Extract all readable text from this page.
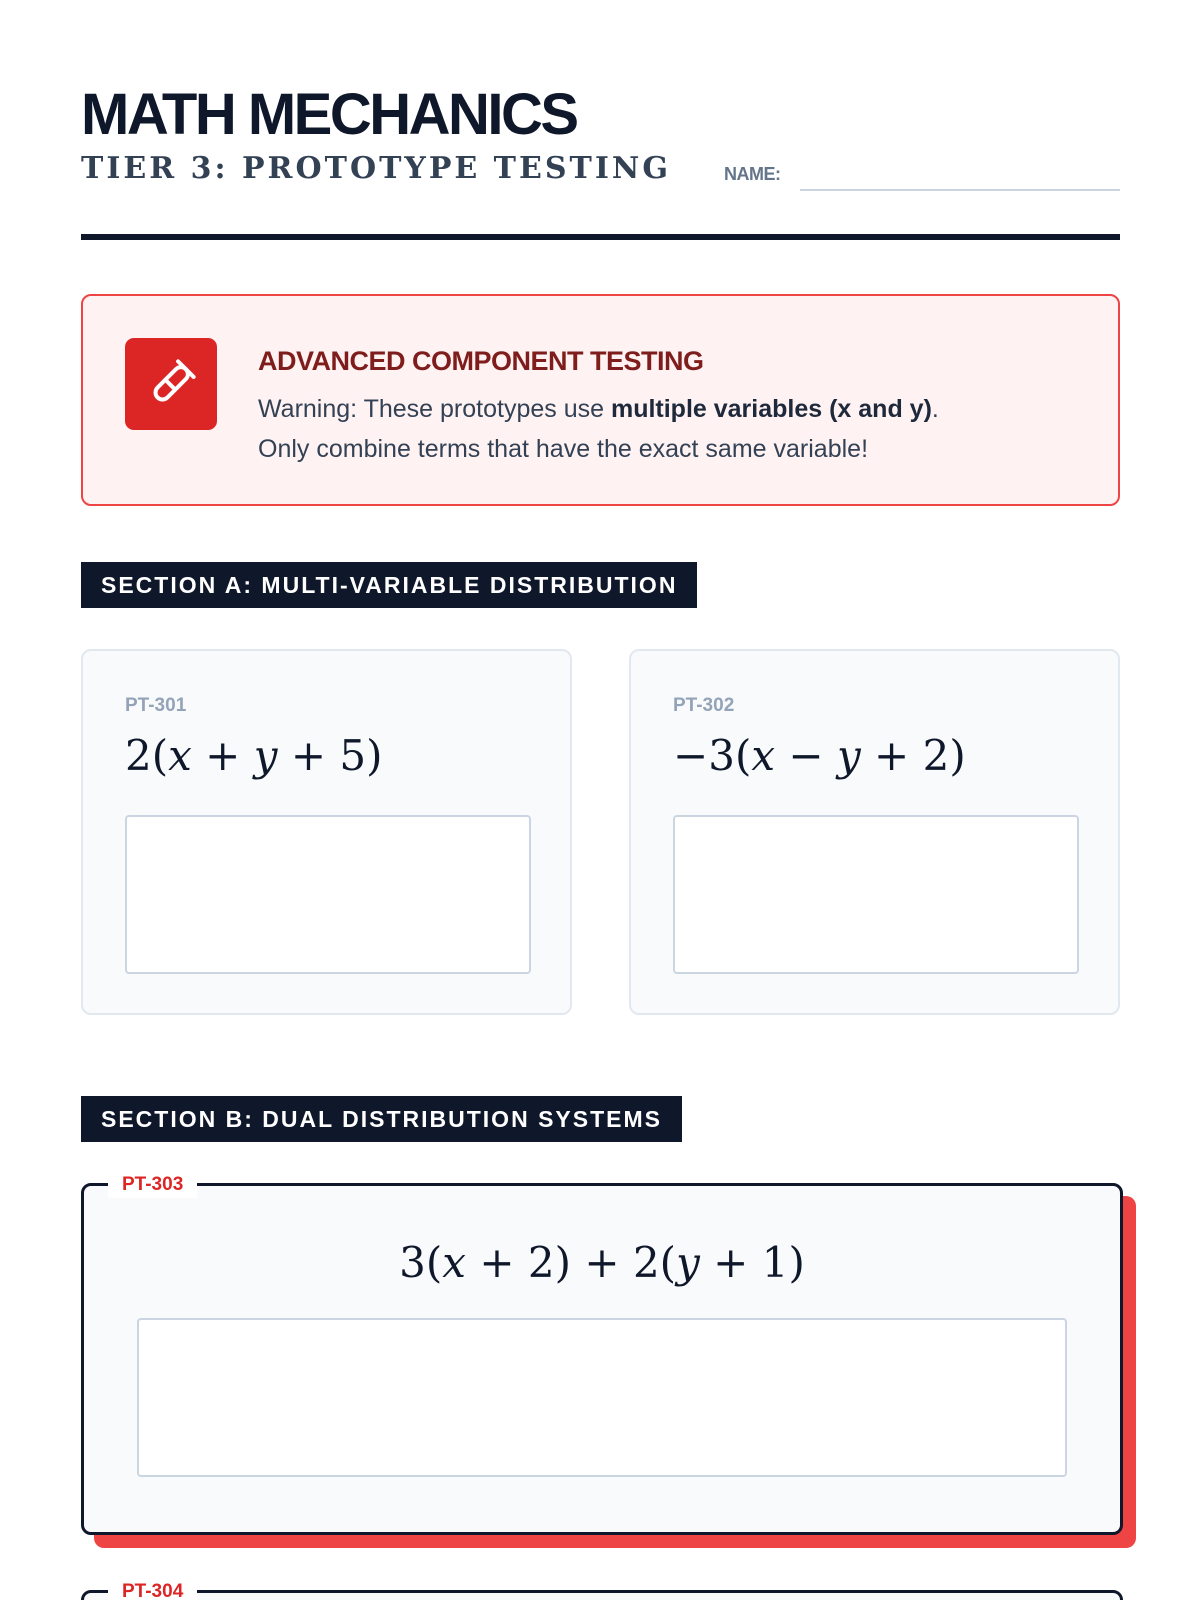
MATH MECHANICS
TIER 3: PROTOTYPE TESTING	NAME:
ADVANCED COMPONENT TESTING
Warning: These prototypes use multiple variables (x and y).
Only combine terms that have the exact same variable!
SECTION A: MULTI-VARIABLE DISTRIBUTION
PT-301
2(x + y + 5)
PT-302
−3(x − y + 2)
SECTION B: DUAL DISTRIBUTION SYSTEMS
PT-303
3(x + 2) + 2(y + 1)
PT-304
